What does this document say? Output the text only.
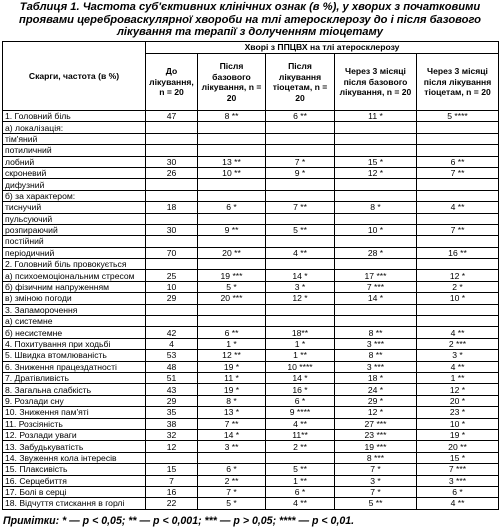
Таблиця 1. Частота суб'єктивних клінічних ознак (в %), у хворих з початковими проявами цереброваскулярної хвороби на тлі атеросклерозу до і після базового лікування та терапії з долученням тіоцетаму
Скарги, частота (в %)	Хворі з ППЦВХ на тлі атеросклерозу				
	До лікування, n = 20	Після базового лікування, n = 20	Після лікування тіоцетам, n = 20	Через 3 місяці після базового лікування, n = 20	Через 3 місяці після лікування тіоцетам, n = 20
1. Головний біль	47	8 **	6 **	11 *	5 ****
а) локалізація:					
тім'яний					
потиличний					
лобний	30	13 **	7 *	15 *	6 **
скроневий	26	10 **	9 *	12 *	7 **
дифузний					
б) за характером:					
тиснучий	18	6 *	7 **	8 *	4 **
пульсуючий					
розпираючий	30	9 **	5 **	10 *	7 **
постійний					
періодичний	70	20 **	4 **	28 *	16 **
2. Головний біль провокується					
а) психоемоціональним стресом	25	19 ***	14 *	17 ***	12 *
б) фізичним напруженням	10	5 *	3 *	7 ***	2 *
в) зміною погоди	29	20 ***	12 *	14 *	10 *
3. Запаморочення					
а) системне					
б) несистемне	42	6 **	18**	8 **	4 **
4. Похитування при ходьбі	4	1 *	1 *	3 ***	2 ***
5. Швидка втомлюваність	53	12 **	1 **	8 **	3 *
6. Зниження працездатності	48	19 *	10 ****	3 ***	4 **
7. Дратівливість	51	11 *	14 *	18 *	1 **
8. Загальна слабкість	43	19 *	16 *	24 *	12 *
9. Розлади сну	29	8 *	6 *	29 *	20 *
10. Зниження пам'яті	35	13 *	9 ****	12 *	23 *
11. Розсіяність	38	7 **	4 **	27 ***	10 *
12. Розлади уваги	32	14 *	11**	23 ***	19 *
13. Забудькуватість	12	3 **	2 **	19 ***	20 **
14. Звуження кола інтересів				8 ***	15 *
15. Плаксивість	15	6 *	5 **	7 *	7 ***
16. Серцебиття	7	2 **	1 **	3 *	3 ***
17. Болі в серці	16	7 *	6 *	7 *	6 *
18. Відчуття стискання в горлі	22	5 *	4 **	5 **	4 **
Примітки: * — p < 0,05; ** — p < 0,001; *** — p > 0,05; **** — p < 0,01.
